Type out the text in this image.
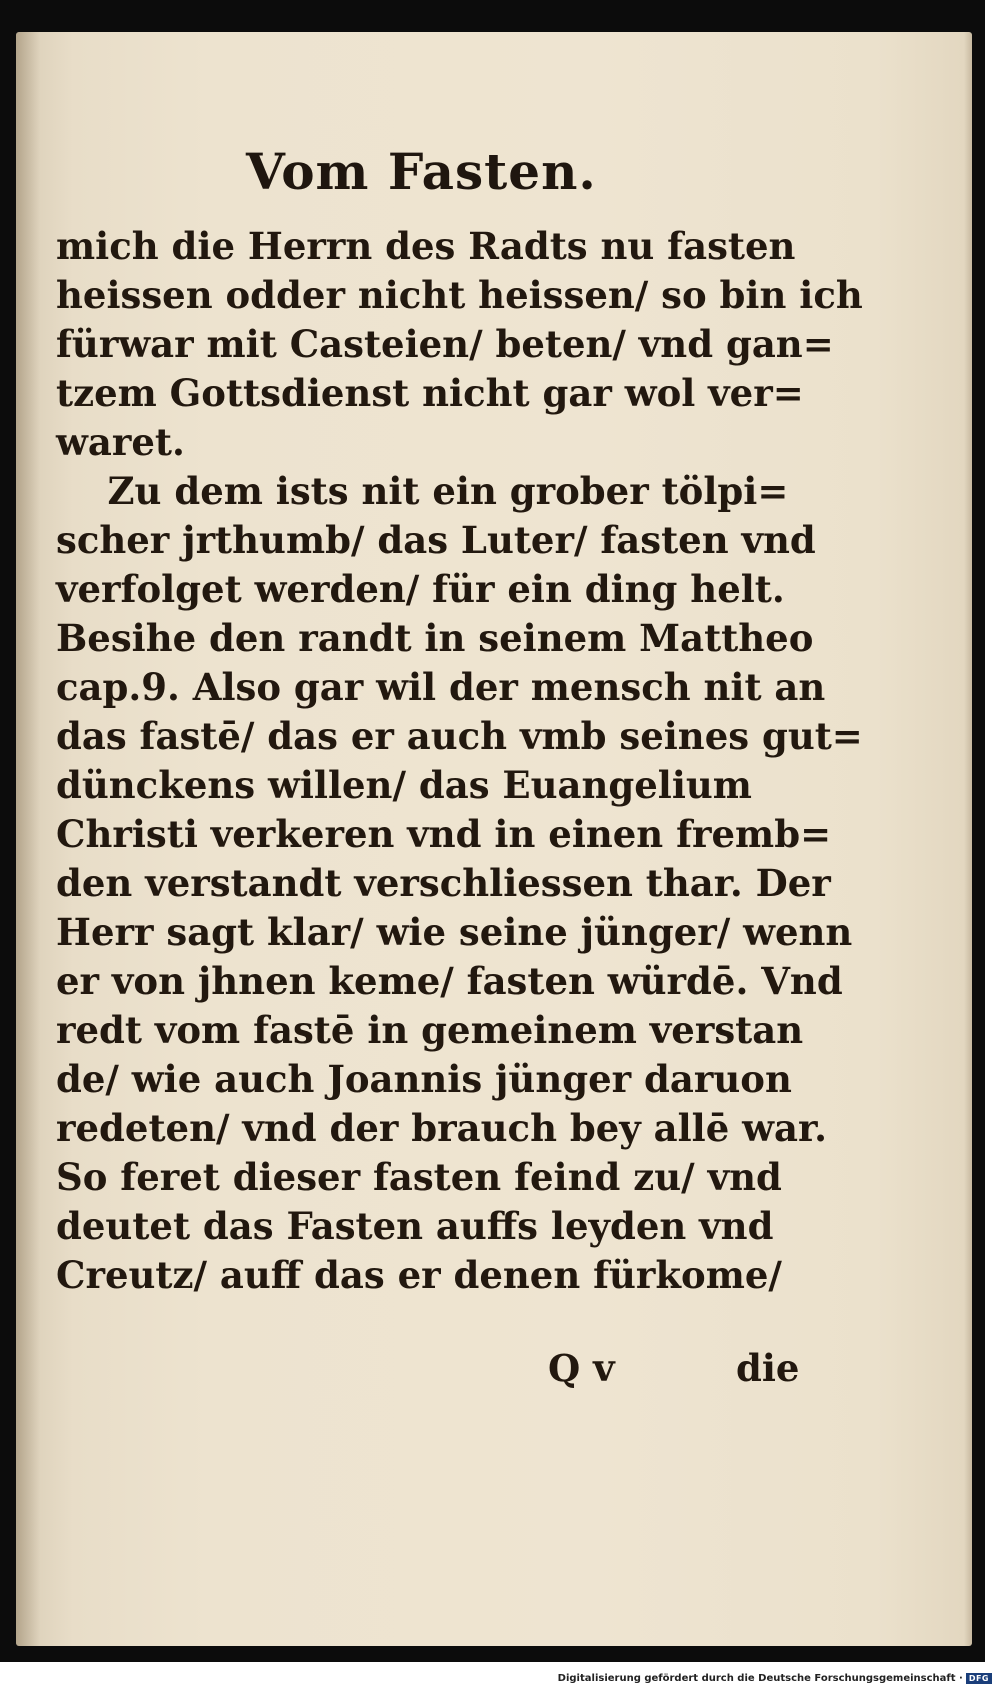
Vom Fasten.
mich die Herrn des Radts nu fasten
heissen odder nicht heissen/ so bin ich
fürwar mit Casteien/ beten/ vnd gan=
tzem Gottsdienst nicht gar wol ver=
waret.
Zu dem ists nit ein grober tölpi=
scher jrthumb/ das Luter/ fasten vnd
verfolget werden/ für ein ding helt.
Besihe den randt in seinem Mattheo
cap.9. Also gar wil der mensch nit an
das fastē/ das er auch vmb seines gut=
dünckens willen/ das Euangelium
Christi verkeren vnd in einen fremb=
den verstandt verschliessen thar. Der
Herr sagt klar/ wie seine jünger/ wenn
er von jhnen keme/ fasten würdē. Vnd
redt vom fastē in gemeinem verstan
de/ wie auch Joannis jünger daruon
redeten/ vnd der brauch bey allē war.
So feret dieser fasten feind zu/ vnd
deutet das Fasten auffs leyden vnd
Creutz/ auff das er denen fürkome/
Q v	die
Digitalisierung gefördert durch die Deutsche Forschungsgemeinschaft · DFG
